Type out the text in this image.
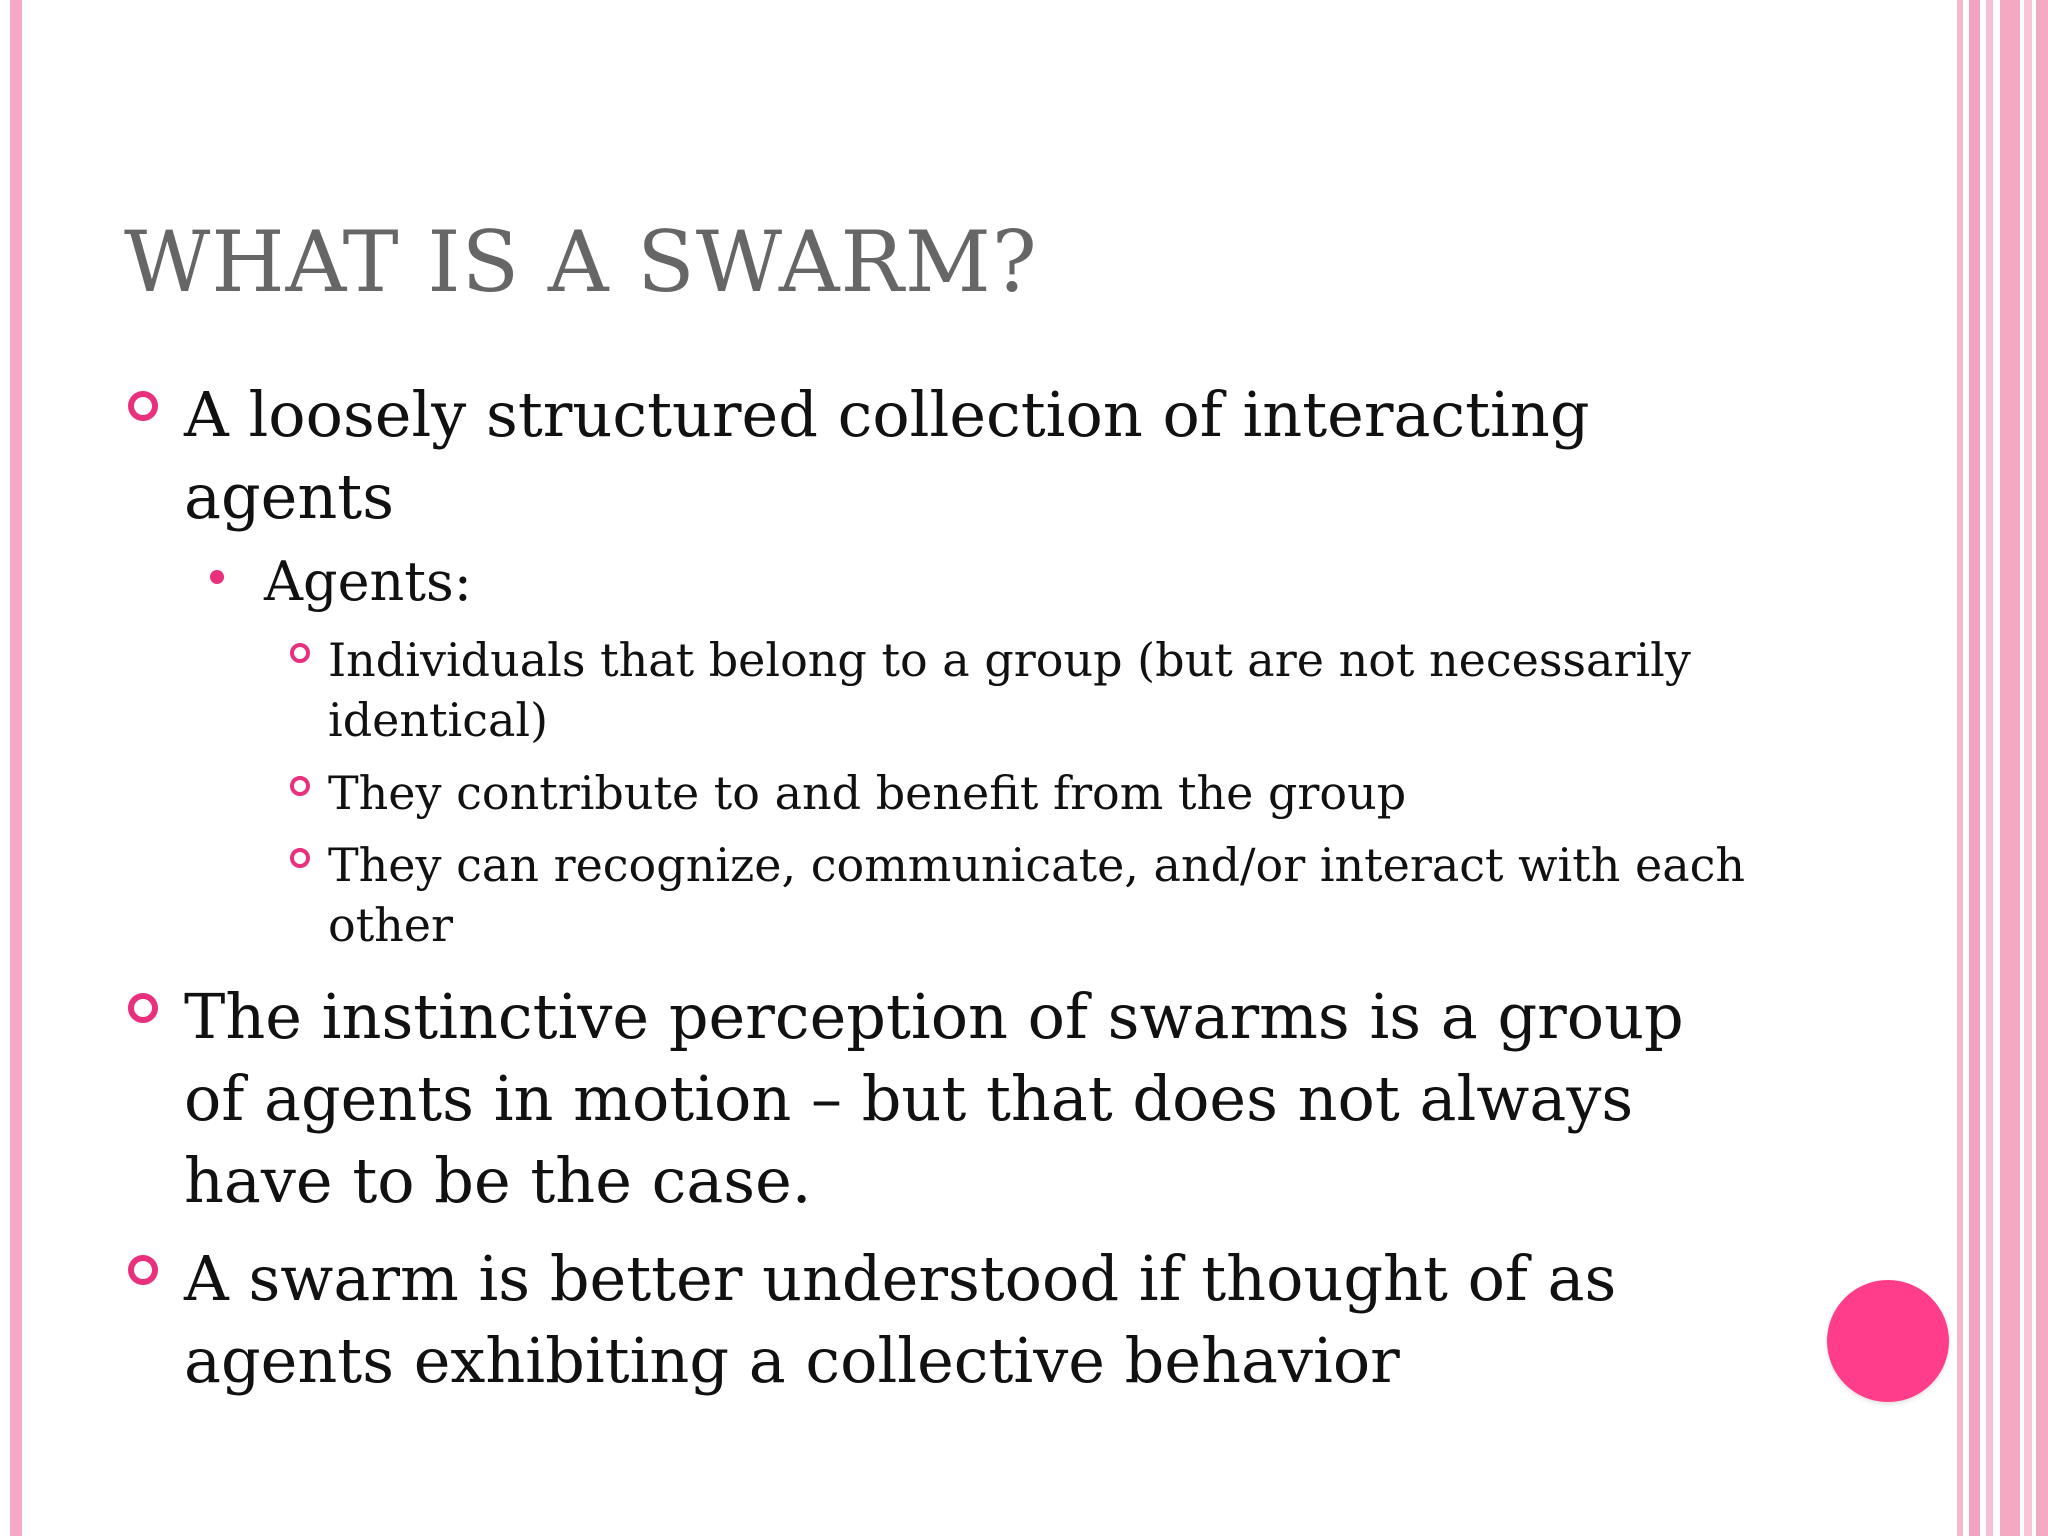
WHAT IS A SWARM?
A loosely structured collection of interacting
agents
Agents:
Individuals that belong to a group (but are not necessarily
identical)
They contribute to and benefit from the group
They can recognize, communicate, and/or interact with each
other
The instinctive perception of swarms is a group
of agents in motion – but that does not always
have to be the case.
A swarm is better understood if thought of as
agents exhibiting a collective behavior
